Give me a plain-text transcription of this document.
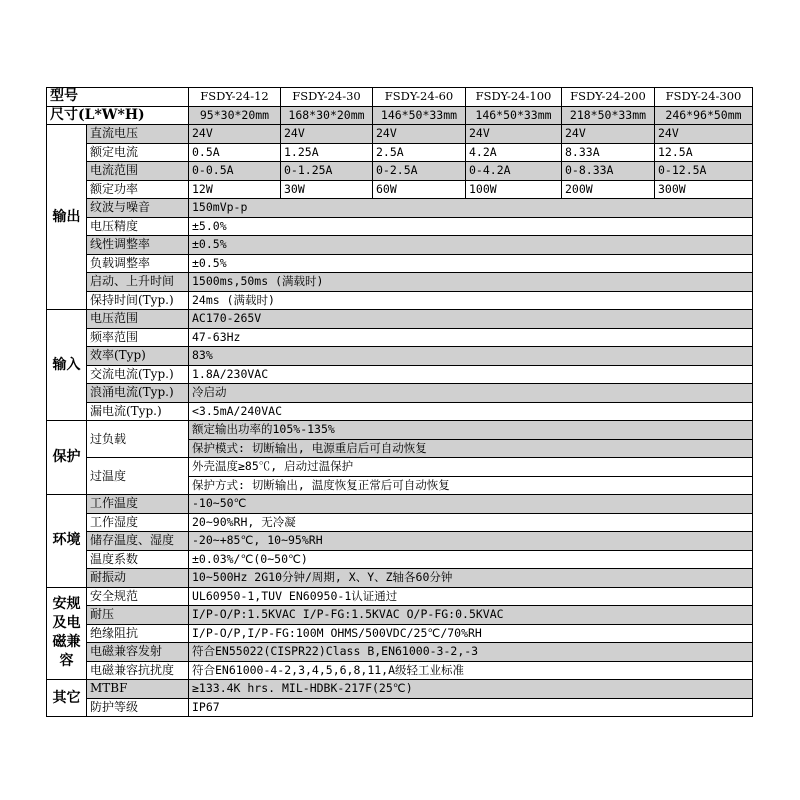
型号		FSDY-24-12	FSDY-24-30	FSDY-24-60	FSDY-24-100	FSDY-24-200	FSDY-24-300
尺寸(L*W*H)		95*30*20mm	168*30*20mm	146*50*33mm	146*50*33mm	218*50*33mm	246*96*50mm
输出	直流电压	24V	24V	24V	24V	24V	24V
	额定电流	0.5A	1.25A	2.5A	4.2A	8.33A	12.5A
	电流范围	0-0.5A	0-1.25A	0-2.5A	0-4.2A	0-8.33A	0-12.5A
	额定功率	12W	30W	60W	100W	200W	300W
	纹波与噪音	150mVp-p					
	电压精度	±5.0%					
	线性调整率	±0.5%					
	负载调整率	±0.5%					
	启动、上升时间	1500ms,50ms (满载时)					
	保持时间(Typ.)	24ms (满载时)					
输入	电压范围	AC170-265V					
	频率范围	47-63Hz					
	效率(Typ)	83%					
	交流电流(Typ.)	1.8A/230VAC					
	浪涌电流(Typ.)	冷启动					
	漏电流(Typ.)	<3.5mA/240VAC					
保护	过负载	额定输出功率的105%-135%					
		保护模式: 切断输出, 电源重启后可自动恢复					
	过温度	外壳温度≥85℃, 启动过温保护					
		保护方式: 切断输出, 温度恢复正常后可自动恢复					
环境	工作温度	-10~50℃					
	工作湿度	20~90%RH, 无冷凝					
	储存温度、湿度	-20~+85℃, 10~95%RH					
	温度系数	±0.03%/℃(0~50℃)					
	耐振动	10~500Hz 2G10分钟/周期, X、Y、Z轴各60分钟					
安规及电磁兼容	安全规范	UL60950-1,TUV EN60950-1认证通过					
	耐压	I/P-O/P:1.5KVAC I/P-FG:1.5KVAC O/P-FG:0.5KVAC					
	绝缘阻抗	I/P-O/P,I/P-FG:100M OHMS/500VDC/25℃/70%RH					
	电磁兼容发射	符合EN55022(CISPR22)Class B,EN61000-3-2,-3					
	电磁兼容抗扰度	符合EN61000-4-2,3,4,5,6,8,11,A级轻工业标准					
其它	MTBF	≥133.4K hrs. MIL-HDBK-217F(25℃)					
	防护等级	IP67					
